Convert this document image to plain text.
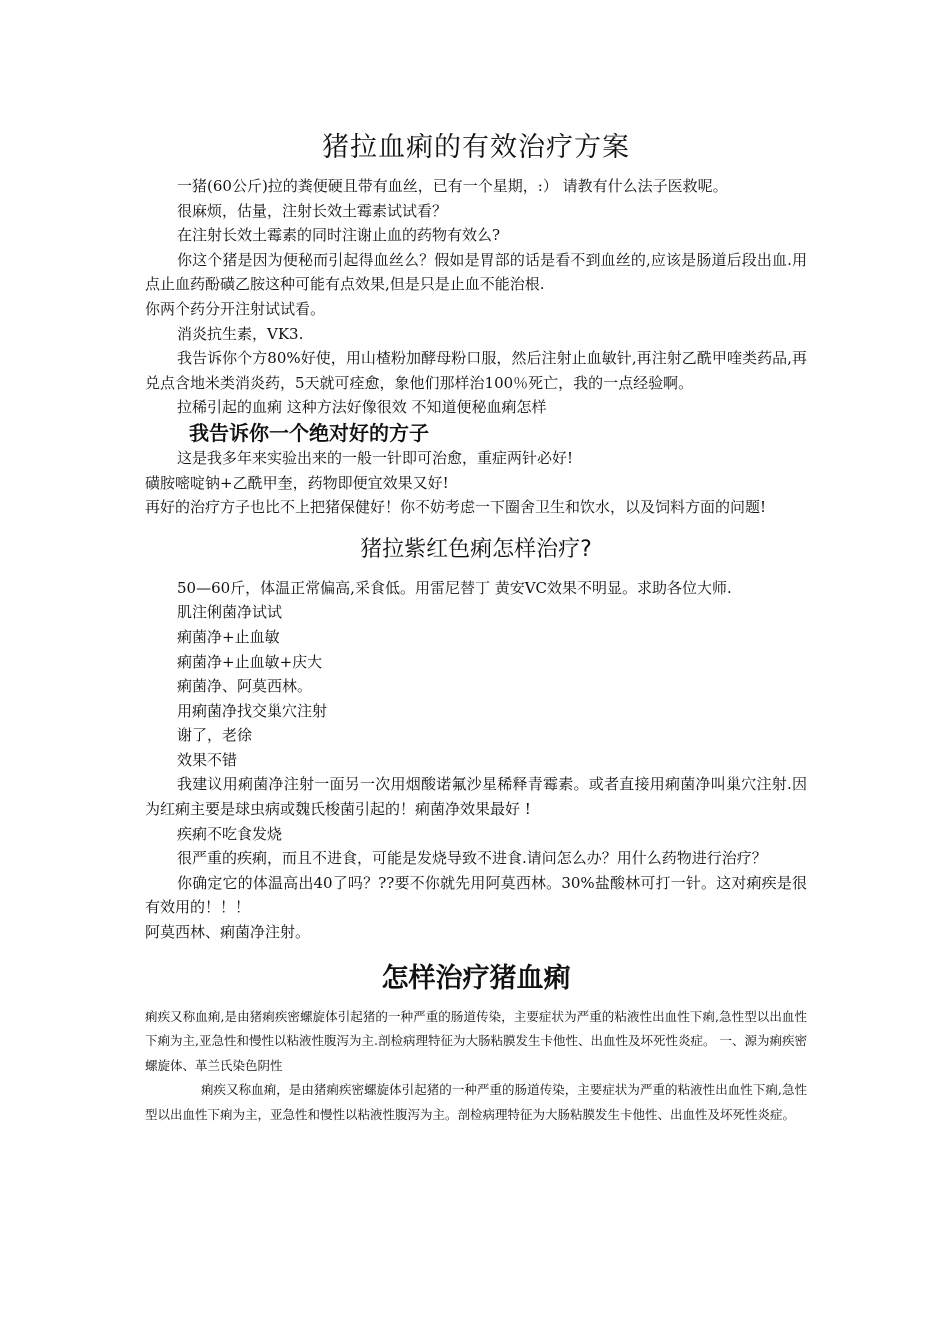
猪拉血痢的有效治疗方案

一猪(60公斤)拉的粪便硬且带有血丝，已有一个星期，:） 请教有什么法子医救呢。

很麻烦，估量，注射长效土霉素试试看？

在注射长效土霉素的同时注谢止血的药物有效么?

你这个猪是因为便秘而引起得血丝么？假如是胃部的话是看不到血丝的,应该是肠道后段出血.用点止血药酚磺乙胺这种可能有点效果,但是只是止血不能治根.

你两个药分开注射试试看。

消炎抗生素，VK3.

我告诉你个方80%好使，用山楂粉加酵母粉口服，然后注射止血敏针,再注射乙酰甲喹类药品,再兑点含地米类消炎药，5天就可痊愈，象他们那样治100％死亡，我的一点经验啊。

拉稀引起的血痢 这种方法好像很效 不知道便秘血痢怎样

我告诉你一个绝对好的方子

这是我多年来实验出来的一般一针即可治愈，重症两针必好!

磺胺嘧啶钠+乙酰甲奎，药物即便宜效果又好!

再好的治疗方子也比不上把猪保健好！你不妨考虑一下圈舍卫生和饮水，以及饲料方面的问题!

猪拉紫红色痢怎样治疗?

50—60斤，体温正常偏高,采食低。用雷尼替丁 黄安VC效果不明显。求助各位大师.

肌注俐菌净试试

痢菌净+止血敏

痢菌净+止血敏+庆大

痢菌净、阿莫西林。

用痢菌净找交巢穴注射

谢了，老徐

效果不错

我建议用痢菌净注射一面另一次用烟酸诺氟沙星稀释青霉素。或者直接用痢菌净叫巢穴注射.因为红痢主要是球虫病或魏氏梭菌引起的！痢菌净效果最好 !

疾痢不吃食发烧

很严重的疾痢，而且不进食，可能是发烧导致不进食.请问怎么办？用什么药物进行治疗？

你确定它的体温高出40了吗？??要不你就先用阿莫西林。30%盐酸林可打一针。这对痢疾是很有效用的！！！

阿莫西林、痢菌净注射。

怎样治疗猪血痢

痢疾又称血痢,是由猪痢疾密螺旋体引起猪的一种严重的肠道传染，主要症状为严重的粘液性出血性下痢,急性型以出血性下痢为主,亚急性和慢性以粘液性腹泻为主.剖检病理特征为大肠粘膜发生卡他性、出血性及坏死性炎症。 一、源为痢疾密螺旋体、革兰氏染色阴性

痢疾又称血痢，是由猪痢疾密螺旋体引起猪的一种严重的肠道传染，主要症状为严重的粘液性出血性下痢,急性型以出血性下痢为主，亚急性和慢性以粘液性腹泻为主。剖检病理特征为大肠粘膜发生卡他性、出血性及坏死性炎症。
